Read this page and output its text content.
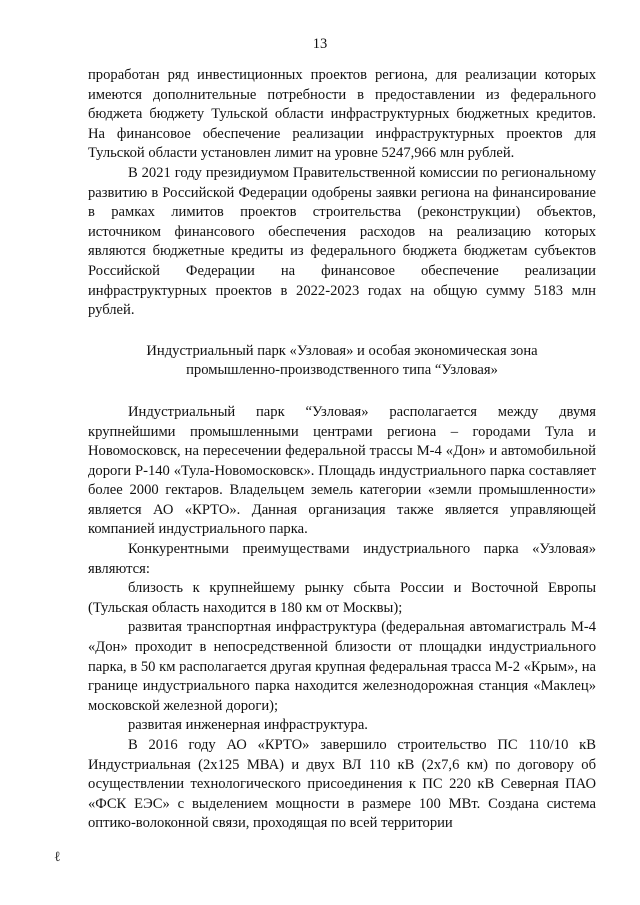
13

проработан ряд инвестиционных проектов региона, для реализации которых имеются дополнительные потребности в предоставлении из федерального бюджета бюджету Тульской области инфраструктурных бюджетных кредитов. На финансовое обеспечение реализации инфраструктурных проектов для Тульской области установлен лимит на уровне 5247,966 млн рублей.

В 2021 году президиумом Правительственной комиссии по региональному развитию в Российской Федерации одобрены заявки региона на финансирование в рамках лимитов проектов строительства (реконструкции) объектов, источником финансового обеспечения расходов на реализацию которых являются бюджетные кредиты из федерального бюджета бюджетам субъектов Российской Федерации на финансовое обеспечение реализации инфраструктурных проектов в 2022-2023 годах на общую сумму 5183 млн рублей.

Индустриальный парк «Узловая» и особая экономическая зона
промышленно-производственного типа “Узловая»

Индустриальный парк “Узловая» располагается между двумя крупнейшими промышленными центрами региона – городами Тула и Новомосковск, на пересечении федеральной трассы М-4 «Дон» и автомобильной дороги Р-140 «Тула-Новомосковск». Площадь индустриального парка составляет более 2000 гектаров. Владельцем земель категории «земли промышленности» является АО «КРТО». Данная организация также является управляющей компанией индустриального парка.

Конкурентными преимуществами индустриального парка «Узловая» являются:

близость к крупнейшему рынку сбыта России и Восточной Европы (Тульская область находится в 180 км от Москвы);

развитая транспортная инфраструктура (федеральная автомагистраль М-4 «Дон» проходит в непосредственной близости от площадки индустриального парка, в 50 км располагается другая крупная федеральная трасса М-2 «Крым», на границе индустриального парка находится железнодорожная станция «Маклец» московской железной дороги);

развитая инженерная инфраструктура.

В 2016 году АО «КРТО» завершило строительство ПС 110/10 кВ Индустриальная (2х125 МВА) и двух ВЛ 110 кВ (2х7,6 км) по договору об осуществлении технологического присоединения к ПС 220 кВ Северная ПАО «ФСК ЕЭС» с выделением мощности в размере 100 МВт. Создана система оптико-волоконной связи, проходящая по всей территории

ℓ
